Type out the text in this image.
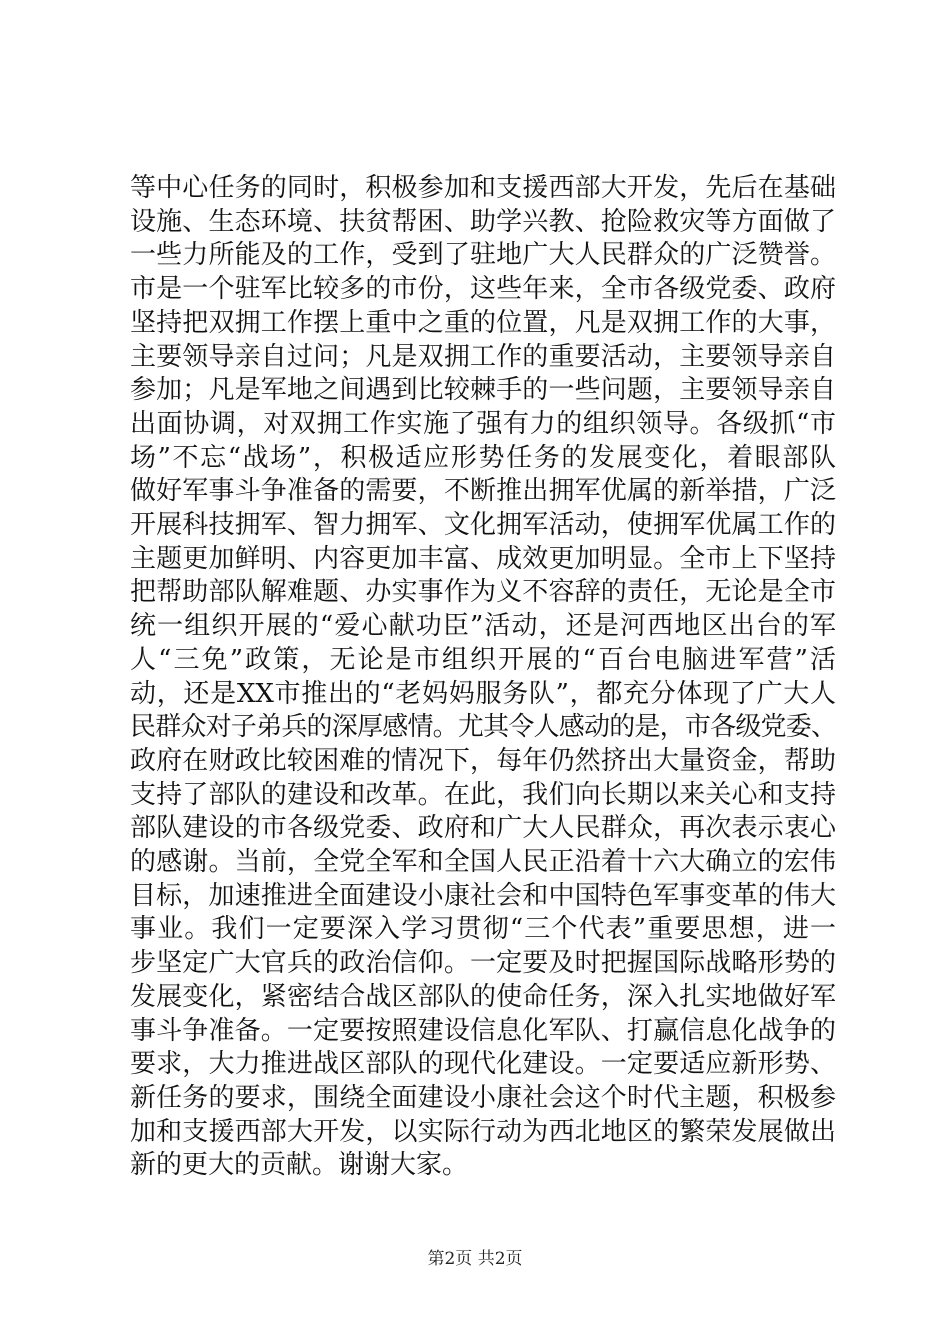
等中心任务的同时，积极参加和支援西部大开发，先后在基础
设施、生态环境、扶贫帮困、助学兴教、抢险救灾等方面做了
一些力所能及的工作，受到了驻地广大人民群众的广泛赞誉。
市是一个驻军比较多的市份，这些年来，全市各级党委、政府
坚持把双拥工作摆上重中之重的位置，凡是双拥工作的大事，
主要领导亲自过问；凡是双拥工作的重要活动，主要领导亲自
参加；凡是军地之间遇到比较棘手的一些问题，主要领导亲自
出面协调，对双拥工作实施了强有力的组织领导。各级抓“市
场”不忘“战场”，积极适应形势任务的发展变化，着眼部队
做好军事斗争准备的需要，不断推出拥军优属的新举措，广泛
开展科技拥军、智力拥军、文化拥军活动，使拥军优属工作的
主题更加鲜明、内容更加丰富、成效更加明显。全市上下坚持
把帮助部队解难题、办实事作为义不容辞的责任，无论是全市
统一组织开展的“爱心献功臣”活动，还是河西地区出台的军
人“三免”政策，无论是市组织开展的“百台电脑进军营”活
动，还是XX市推出的“老妈妈服务队”，都充分体现了广大人
民群众对子弟兵的深厚感情。尤其令人感动的是，市各级党委、
政府在财政比较困难的情况下，每年仍然挤出大量资金，帮助
支持了部队的建设和改革。在此，我们向长期以来关心和支持
部队建设的市各级党委、政府和广大人民群众，再次表示衷心
的感谢。当前，全党全军和全国人民正沿着十六大确立的宏伟
目标，加速推进全面建设小康社会和中国特色军事变革的伟大
事业。我们一定要深入学习贯彻“三个代表”重要思想，进一
步坚定广大官兵的政治信仰。一定要及时把握国际战略形势的
发展变化，紧密结合战区部队的使命任务，深入扎实地做好军
事斗争准备。一定要按照建设信息化军队、打赢信息化战争的
要求，大力推进战区部队的现代化建设。一定要适应新形势、
新任务的要求，围绕全面建设小康社会这个时代主题，积极参
加和支援西部大开发，以实际行动为西北地区的繁荣发展做出
新的更大的贡献。谢谢大家。
第2页 共2页
